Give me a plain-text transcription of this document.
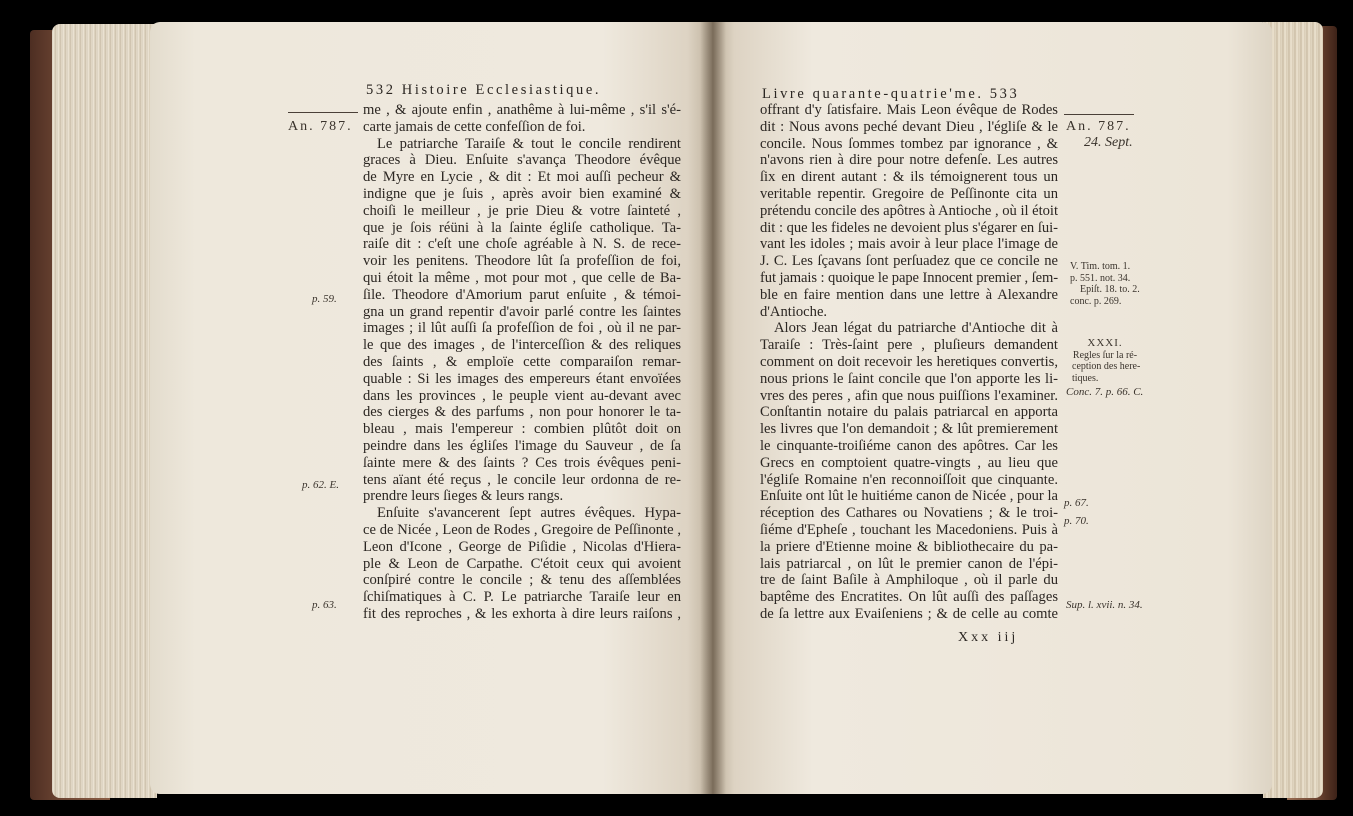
532 Histoire Ecclesiastique.
An. 787.
p. 59.
p. 62. E.
p. 63.
me , & ajoute enfin , anathême à lui-même , s'il s'é-
carte jamais de cette confeſſion de foi.
Le patriarche Taraiſe & tout le concile rendirent
graces à Dieu. Enſuite s'avança Theodore évêque
de Myre en Lycie , & dit : Et moi auſſi pecheur &
indigne que je ſuis , après avoir bien examiné &
choiſi le meilleur , je prie Dieu & votre ſainteté ,
que je ſois réüni à la ſainte égliſe catholique. Ta-
raiſe dit : c'eſt une choſe agréable à N. S. de rece-
voir les penitens. Theodore lût ſa profeſſion de foi,
qui étoit la même , mot pour mot , que celle de Ba-
ſile. Theodore d'Amorium parut enſuite , & témoi-
gna un grand repentir d'avoir parlé contre les ſaintes
images ; il lût auſſi ſa profeſſion de foi , où il ne par-
le que des images , de l'interceſſion & des reliques
des ſaints , & emploïe cette comparaiſon remar-
quable : Si les images des empereurs étant envoïées
dans les provinces , le peuple vient au-devant avec
des cierges & des parfums , non pour honorer le ta-
bleau , mais l'empereur : combien plûtôt doit on
peindre dans les égliſes l'image du Sauveur , de ſa
ſainte mere & des ſaints ? Ces trois évêques peni-
tens aïant été reçus , le concile leur ordonna de re-
prendre leurs ſieges & leurs rangs.
Enſuite s'avancerent ſept autres évêques. Hypa-
ce de Nicée , Leon de Rodes , Gregoire de Peſſinonte ,
Leon d'Icone , George de Piſidie , Nicolas d'Hiera-
ple & Leon de Carpathe. C'étoit ceux qui avoient
conſpiré contre le concile ; & tenu des aſſemblées
ſchiſmatiques à C. P. Le patriarche Taraiſe leur en
fit des reproches , & les exhorta à dire leurs raiſons ,
Livre quarante-quatrie'me. 533
An. 787.
24. Sept.
V. Tim. tom. 1.
p. 551. not. 34.
Epiſt. 18. to. 2.
conc. p. 269.
XXXI.
Regles ſur la ré-
ception des here-
tiques.
Conc. 7. p. 66. C.
p. 67.
p. 70.
Sup. l. xvii. n. 34.
offrant d'y ſatisfaire. Mais Leon évêque de Rodes
dit : Nous avons peché devant Dieu , l'égliſe & le
concile. Nous ſommes tombez par ignorance , &
n'avons rien à dire pour notre defenſe. Les autres
ſix en dirent autant : & ils témoignerent tous un
veritable repentir. Gregoire de Peſſinonte cita un
prétendu concile des apôtres à Antioche , où il étoit
dit : que les fideles ne devoient plus s'égarer en ſui-
vant les idoles ; mais avoir à leur place l'image de
J. C. Les ſçavans ſont perſuadez que ce concile ne
fut jamais : quoique le pape Innocent premier , ſem-
ble en faire mention dans une lettre à Alexandre
d'Antioche.
Alors Jean légat du patriarche d'Antioche dit à
Taraiſe : Très-ſaint pere , pluſieurs demandent
comment on doit recevoir les heretiques convertis,
nous prions le ſaint concile que l'on apporte les li-
vres des peres , afin que nous puiſſions l'examiner.
Conſtantin notaire du palais patriarcal en apporta
les livres que l'on demandoit ; & lût premierement
le cinquante-troiſiéme canon des apôtres. Car les
Grecs en comptoient quatre-vingts , au lieu que
l'égliſe Romaine n'en reconnoiſſoit que cinquante.
Enſuite ont lût le huitiéme canon de Nicée , pour la
réception des Cathares ou Novatiens ; & le troi-
ſiéme d'Epheſe , touchant les Macedoniens. Puis à
la priere d'Etienne moine & bibliothecaire du pa-
lais patriarcal , on lût le premier canon de l'épi-
tre de ſaint Baſile à Amphiloque , où il parle du
baptême des Encratites. On lût auſſi des paſſages
de ſa lettre aux Evaiſeniens ; & de celle au comte
Xxx iij
